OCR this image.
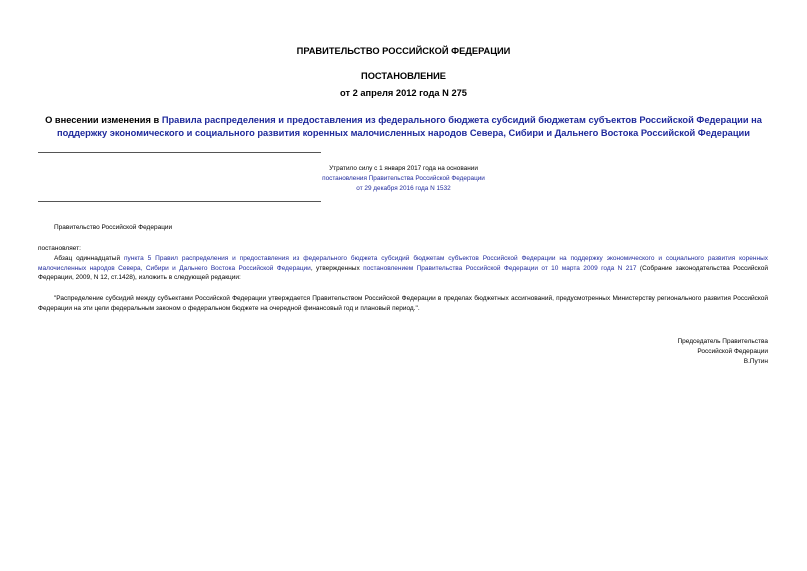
ПРАВИТЕЛЬСТВО РОССИЙСКОЙ ФЕДЕРАЦИИ
ПОСТАНОВЛЕНИЕ
от 2 апреля 2012 года N 275
О внесении изменения в Правила распределения и предоставления из федерального бюджета субсидий бюджетам субъектов Российской Федерации на поддержку экономического и социального развития коренных малочисленных народов Севера, Сибири и Дальнего Востока Российской Федерации
Утратило силу с 1 января 2017 года на основании
постановления Правительства Российской Федерации
от 29 декабря 2016 года N 1532
Правительство Российской Федерации
постановляет:
Абзац одиннадцатый пункта 5 Правил распределения и предоставления из федерального бюджета субсидий бюджетам субъектов Российской Федерации на поддержку экономического и социального развития коренных малочисленных народов Севера, Сибири и Дальнего Востока Российской Федерации, утвержденных постановлением Правительства Российской Федерации от 10 марта 2009 года N 217 (Собрание законодательства Российской Федерации, 2009, N 12, ст.1428), изложить в следующей редакции:
"Распределение субсидий между субъектами Российской Федерации утверждается Правительством Российской Федерации в пределах бюджетных ассигнований, предусмотренных Министерству регионального развития Российской Федерации на эти цели федеральным законом о федеральном бюджете на очередной финансовый год и плановый период.".
Председатель Правительства
Российской Федерации
В.Путин
